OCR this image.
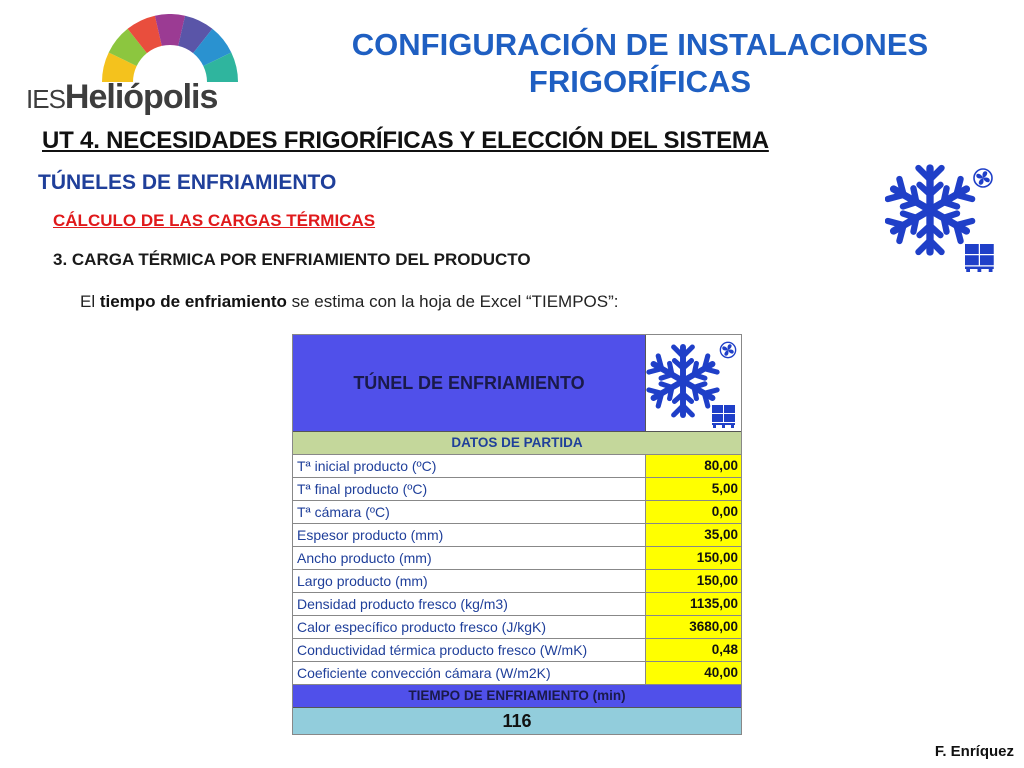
IESHeliópolis
CONFIGURACIÓN DE INSTALACIONES
FRIGORÍFICAS
UT 4. NECESIDADES FRIGORÍFICAS Y ELECCIÓN DEL SISTEMA
TÚNELES DE ENFRIAMIENTO
CÁLCULO DE LAS CARGAS TÉRMICAS
3. CARGA TÉRMICA POR ENFRIAMIENTO DEL PRODUCTO
El tiempo de enfriamiento se estima con la hoja de Excel “TIEMPOS”:
TÚNEL DE ENFRIAMIENTO
DATOS DE PARTIDA
Tª inicial producto (ºC)	80,00
Tª final producto (ºC)	5,00
Tª cámara (ºC)	0,00
Espesor producto (mm)	35,00
Ancho producto (mm)	150,00
Largo producto (mm)	150,00
Densidad producto fresco (kg/m3)	1135,00
Calor específico producto fresco (J/kgK)	3680,00
Conductividad térmica producto fresco (W/mK)	0,48
Coeficiente convección cámara (W/m2K)	40,00
TIEMPO DE ENFRIAMIENTO (min)
116
F. Enríquez
